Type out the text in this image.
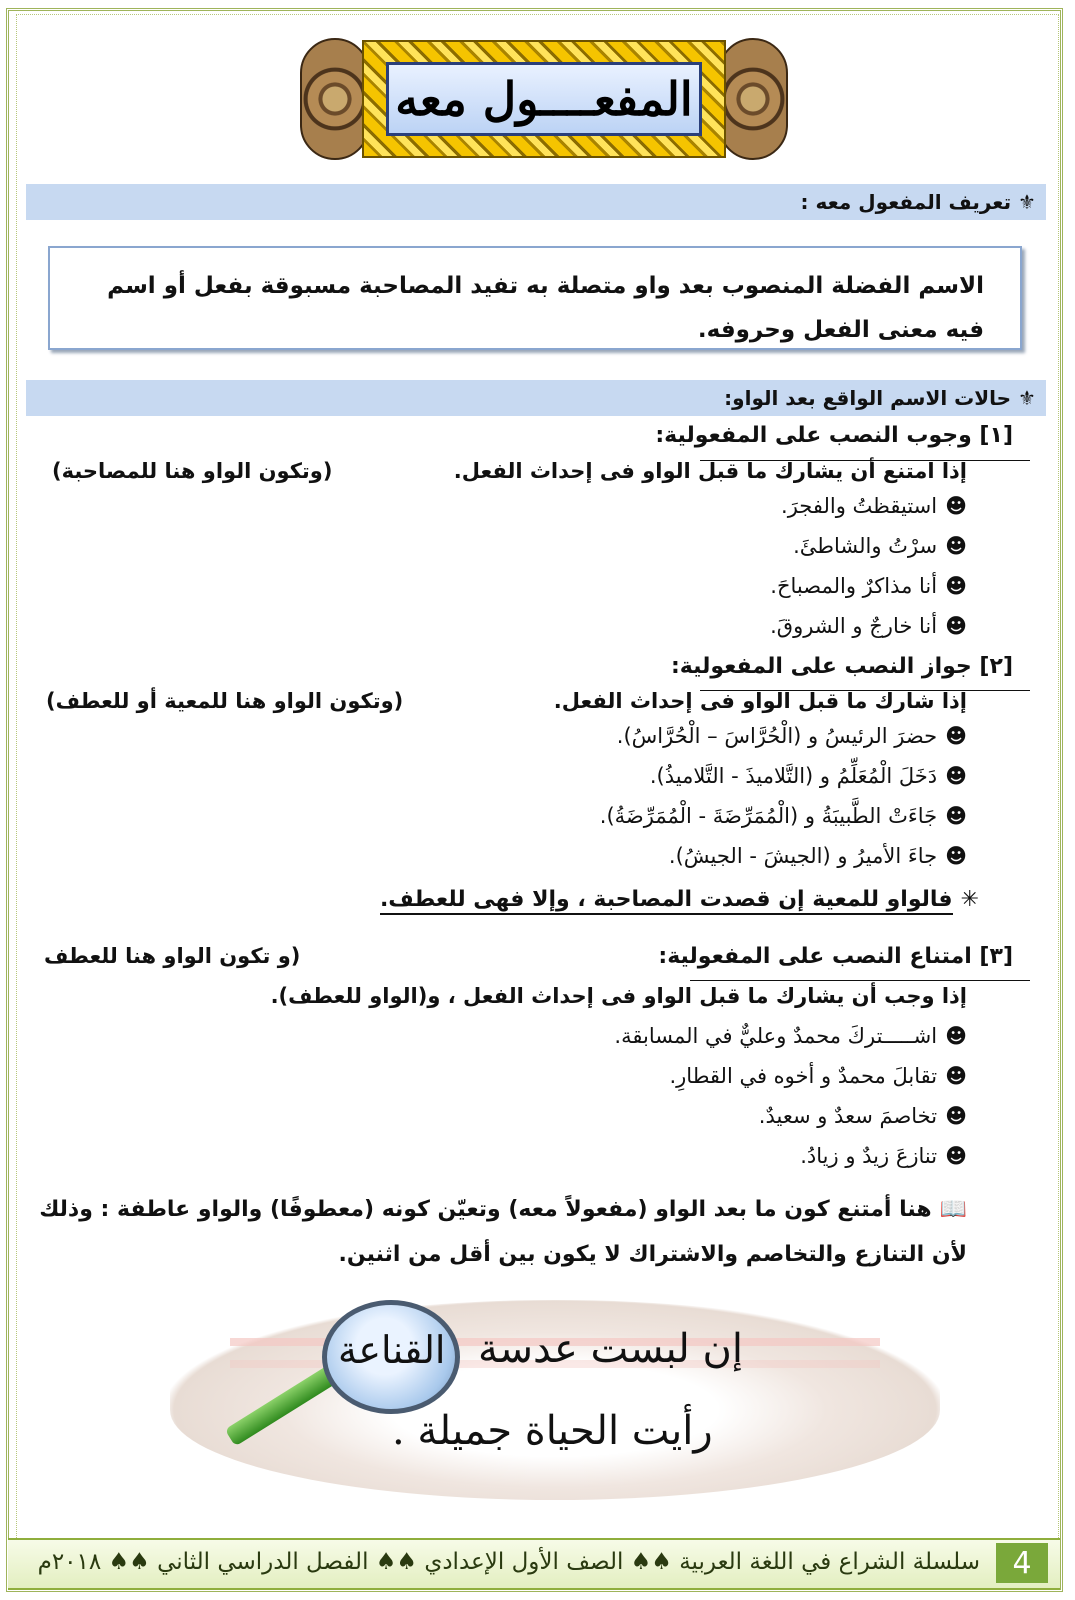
المفعــــول معه
⚜ تعريف المفعول معه :
الاسم الفضلة المنصوب بعد واو متصلة به تفيد المصاحبة مسبوقة بفعل أو اسم فيه معنى الفعل وحروفه.
⚜ حالات الاسم الواقع بعد الواو:
[١] وجوب النصب على المفعولية:
إذا امتنع أن يشارك ما قبل الواو فى إحداث الفعل.
(وتكون الواو هنا للمصاحبة)
☻استيقظتُ والفجرَ.
☻سرْتُ والشاطئَ.
☻أنا مذاكرٌ والمصباحَ.
☻أنا خارجٌ و الشروقَ.
[٢] جواز النصب على المفعولية:
إذا شارك ما قبل الواو فى إحداث الفعل.
(وتكون الواو هنا للمعية أو للعطف)
☻حضرَ الرئيسُ و (الْحُرَّاسَ – الْحُرَّاسُ).
☻دَخَلَ الْمُعَلِّمُ و (التَّلاميذَ - التَّلاميذُ).
☻جَاءَتْ الطَّبيبَةُ و (الْمُمَرِّضَةَ - الْمُمَرِّضَةُ).
☻جاءَ الأميرُ و (الجيشَ - الجيشُ).
✳فالواو للمعية إن قصدت المصاحبة ، وإلا فهى للعطف.
[٣] امتناع النصب على المفعولية:
(و تكون الواو هنا للعطف
إذا وجب أن يشارك ما قبل الواو فى إحداث الفعل ، و(الواو للعطف).
☻اشـــــتركَ محمدٌ وعليٌّ في المسابقة.
☻تقابلَ محمدٌ و أخوه في القطارِ.
☻تخاصمَ سعدٌ و سعيدٌ.
☻تنازعَ زيدٌ و زيادُ.
📖هنا أمتنع كون ما بعد الواو (مفعولاً معه) وتعيّن كونه (معطوفًا) والواو عاطفة : وذلك
لأن التنازع والتخاصم والاشتراك لا يكون بين أقل من اثنين.
القناعة إن لبست عدسة
رأيت الحياة جميلة .
4
سلسلة الشراع في اللغة العربية ♠♠ الصف الأول الإعدادي ♠♠ الفصل الدراسي الثاني ♠♠ ٢٠١٨م
